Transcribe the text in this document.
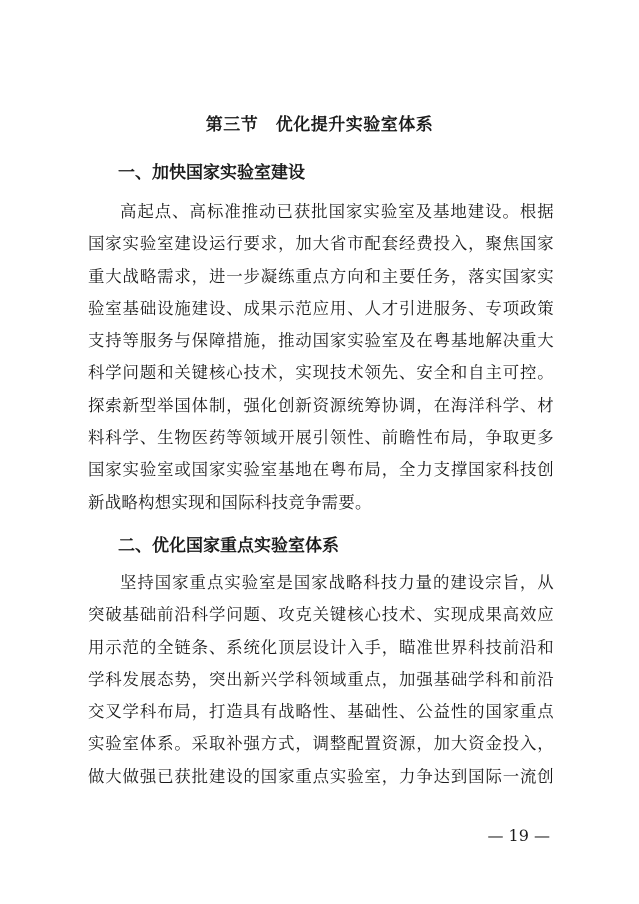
第三节　优化提升实验室体系
一、加快国家实验室建设
高起点、高标准推动已获批国家实验室及基地建设。根据
国家实验室建设运行要求，加大省市配套经费投入，聚焦国家
重大战略需求，进一步凝练重点方向和主要任务，落实国家实
验室基础设施建设、成果示范应用、人才引进服务、专项政策
支持等服务与保障措施，推动国家实验室及在粤基地解决重大
科学问题和关键核心技术，实现技术领先、安全和自主可控。
探索新型举国体制，强化创新资源统筹协调，在海洋科学、材
料科学、生物医药等领域开展引领性、前瞻性布局，争取更多
国家实验室或国家实验室基地在粤布局，全力支撑国家科技创
新战略构想实现和国际科技竞争需要。
二、优化国家重点实验室体系
坚持国家重点实验室是国家战略科技力量的建设宗旨，从
突破基础前沿科学问题、攻克关键核心技术、实现成果高效应
用示范的全链条、系统化顶层设计入手，瞄准世界科技前沿和
学科发展态势，突出新兴学科领域重点，加强基础学科和前沿
交叉学科布局，打造具有战略性、基础性、公益性的国家重点
实验室体系。采取补强方式，调整配置资源，加大资金投入，
做大做强已获批建设的国家重点实验室，力争达到国际一流创
— 19 —
